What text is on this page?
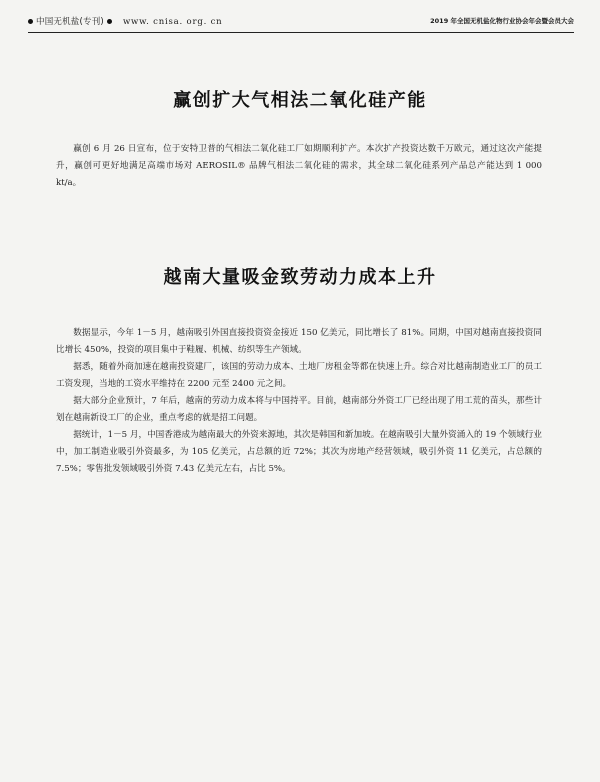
中国无机盐(专刊) www. cnisa. org. cn	2019 年全国无机盐化物行业协会年会暨会员大会
赢创扩大气相法二氧化硅产能

赢创 6 月 26 日宣布，位于安特卫普的气相法二氧化硅工厂如期顺利扩产。本次扩产投资达数千万欧元，通过这次产能提升，赢创可更好地满足高端市场对 AEROSIL® 品牌气相法二氧化硅的需求，其全球二氧化硅系列产品总产能达到 1 000 kt/a。

越南大量吸金致劳动力成本上升

数据显示，今年 1－5 月，越南吸引外国直接投资资金接近 150 亿美元，同比增长了 81%。同期，中国对越南直接投资同比增长 450%，投资的项目集中于鞋履、机械、纺织等生产领域。

据悉，随着外商加速在越南投资建厂，该国的劳动力成本、土地厂房租金等都在快速上升。综合对比越南制造业工厂的员工工资发现，当地的工资水平维持在 2200 元至 2400 元之间。

据大部分企业预计，7 年后，越南的劳动力成本将与中国持平。目前，越南部分外资工厂已经出现了用工荒的苗头，那些计划在越南新设工厂的企业，重点考虑的就是招工问题。

据统计，1－5 月，中国香港成为越南最大的外资来源地，其次是韩国和新加坡。在越南吸引大量外资涌入的 19 个领域行业中，加工制造业吸引外资最多，为 105 亿美元，占总额的近 72%；其次为房地产经营领域，吸引外资 11 亿美元，占总额的 7.5%；零售批发领域吸引外资 7.43 亿美元左右，占比 5%。
